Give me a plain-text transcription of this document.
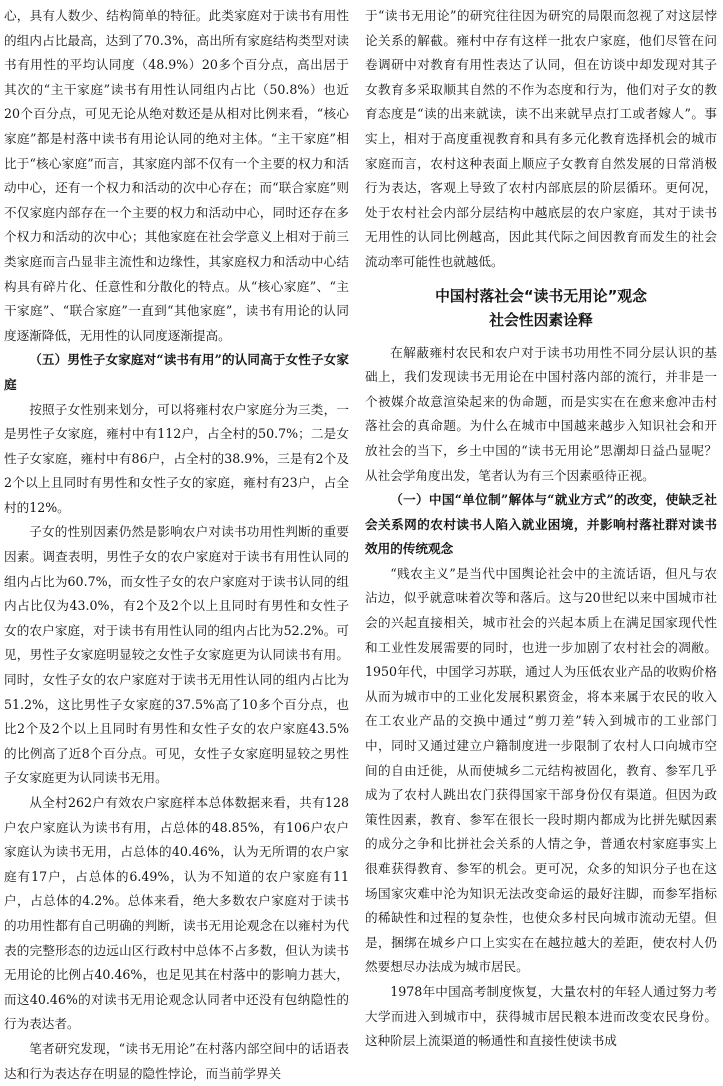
心，具有人数少、结构简单的特征。此类家庭对于读书有用性的组内占比最高，达到了70.3%，高出所有家庭结构类型对读书有用性的平均认同度（48.9%）20多个百分点，高出居于其次的“主干家庭”读书有用性认同组内占比（50.8%）也近20个百分点，可见无论从绝对数还是从相对比例来看，“核心家庭”都是村落中读书有用论认同的绝对主体。“主干家庭”相比于“核心家庭”而言，其家庭内部不仅有一个主要的权力和活动中心，还有一个权力和活动的次中心存在；而“联合家庭”则不仅家庭内部存在一个主要的权力和活动中心，同时还存在多个权力和活动的次中心；其他家庭在社会学意义上相对于前三类家庭而言凸显非主流性和边缘性，其家庭权力和活动中心结构具有碎片化、任意性和分散化的特点。从“核心家庭”、“主干家庭”、“联合家庭”一直到“其他家庭”，读书有用论的认同度逐渐降低，无用性的认同度逐渐提高。

（五）男性子女家庭对“读书有用”的认同高于女性子女家庭

按照子女性别来划分，可以将雍村农户家庭分为三类，一是男性子女家庭，雍村中有112户，占全村的50.7%；二是女性子女家庭，雍村中有86户，占全村的38.9%，三是有2个及2个以上且同时有男性和女性子女的家庭，雍村有23户，占全村的12%。

子女的性别因素仍然是影响农户对读书功用性判断的重要因素。调查表明，男性子女的农户家庭对于读书有用性认同的组内占比为60.7%，而女性子女的农户家庭对于读书认同的组内占比仅为43.0%，有2个及2个以上且同时有男性和女性子女的农户家庭，对于读书有用性认同的组内占比为52.2%。可见，男性子女家庭明显较之女性子女家庭更为认同读书有用。同时，女性子女的农户家庭对于读书无用性认同的组内占比为51.2%，这比男性子女家庭的37.5%高了10多个百分点，也比2个及2个以上且同时有男性和女性子女的农户家庭43.5%的比例高了近8个百分点。可见，女性子女家庭明显较之男性子女家庭更为认同读书无用。

从全村262户有效农户家庭样本总体数据来看，共有128户农户家庭认为读书有用，占总体的48.85%，有106户农户家庭认为读书无用，占总体的40.46%，认为无所谓的农户家庭有17户，占总体的6.49%，认为不知道的农户家庭有11户，占总体的4.2%。总体来看，绝大多数农户家庭对于读书的功用性都有自己明确的判断，读书无用论观念在以雍村为代表的完整形态的边远山区行政村中总体不占多数，但认为读书无用论的比例占40.46%，也足见其在村落中的影响力甚大，而这40.46%的对读书无用论观念认同者中还没有包纳隐性的行为表达者。

笔者研究发现，“读书无用论”在村落内部空间中的话语表达和行为表达存在明显的隐性悖论，而当前学界关

于“读书无用论”的研究往往因为研究的局限而忽视了对这层悖论关系的解截。雍村中存有这样一批农户家庭，他们尽管在问卷调研中对教育有用性表达了认同，但在访谈中却发现对其子女教育多采取顺其自然的不作为态度和行为，他们对子女的教育态度是“读的出来就读，读不出来就早点打工或者嫁人”。事实上，相对于高度重视教育和具有多元化教育选择机会的城市家庭而言，农村这种表面上顺应子女教育自然发展的日常消极行为表达，客观上导致了农村内部底层的阶层循环。更何况，处于农村社会内部分层结构中越底层的农户家庭，其对于读书无用性的认同比例越高，因此其代际之间因教育而发生的社会流动率可能性也就越低。

中国村落社会“读书无用论”观念
社会性因素诠释

在解蔽雍村农民和农户对于读书功用性不同分层认识的基础上，我们发现读书无用论在中国村落内部的流行，并非是一个被媒介故意渲染起来的伪命题，而是实实在在愈来愈冲击村落社会的真命题。为什么在城市中国越来越步入知识社会和开放社会的当下，乡土中国的“读书无用论”思潮却日益凸显呢？从社会学角度出发，笔者认为有三个因素亟待正视。

（一）中国“单位制”解体与“就业方式”的改变，使缺乏社会关系网的农村读书人陷入就业困境，并影响村落社群对读书效用的传统观念

“贱农主义”是当代中国舆论社会中的主流话语，但凡与农沾边，似乎就意味着次等和落后。这与20世纪以来中国城市社会的兴起直接相关，城市社会的兴起本质上在满足国家现代性和工业性发展需要的同时，也进一步加剧了农村社会的凋敝。1950年代，中国学习苏联，通过人为压低农业产品的收购价格从而为城市中的工业化发展积累资金，将本来属于农民的收入在工农业产品的交换中通过“剪刀差”转入到城市的工业部门中，同时又通过建立户籍制度进一步限制了农村人口向城市空间的自由迁徙，从而使城乡二元结构被固化，教育、参军几乎成为了农村人跳出农门获得国家干部身份仅有渠道。但因为政策性因素，教育、参军在很长一段时期内都成为比拼先赋因素的成分之争和比拼社会关系的人情之争，普通农村家庭事实上很难获得教育、参军的机会。更可况，众多的知识分子也在这场国家灾难中沦为知识无法改变命运的最好注脚，而参军指标的稀缺性和过程的复杂性，也使众多村民向城市流动无望。但是，捆绑在城乡户口上实实在在越拉越大的差距，使农村人仍然要想尽办法成为城市居民。

1978年中国高考制度恢复，大量农村的年轻人通过努力考大学而进入到城市中，获得城市居民粮本进而改变农民身份。这种阶层上流渠道的畅通性和直接性使读书成
